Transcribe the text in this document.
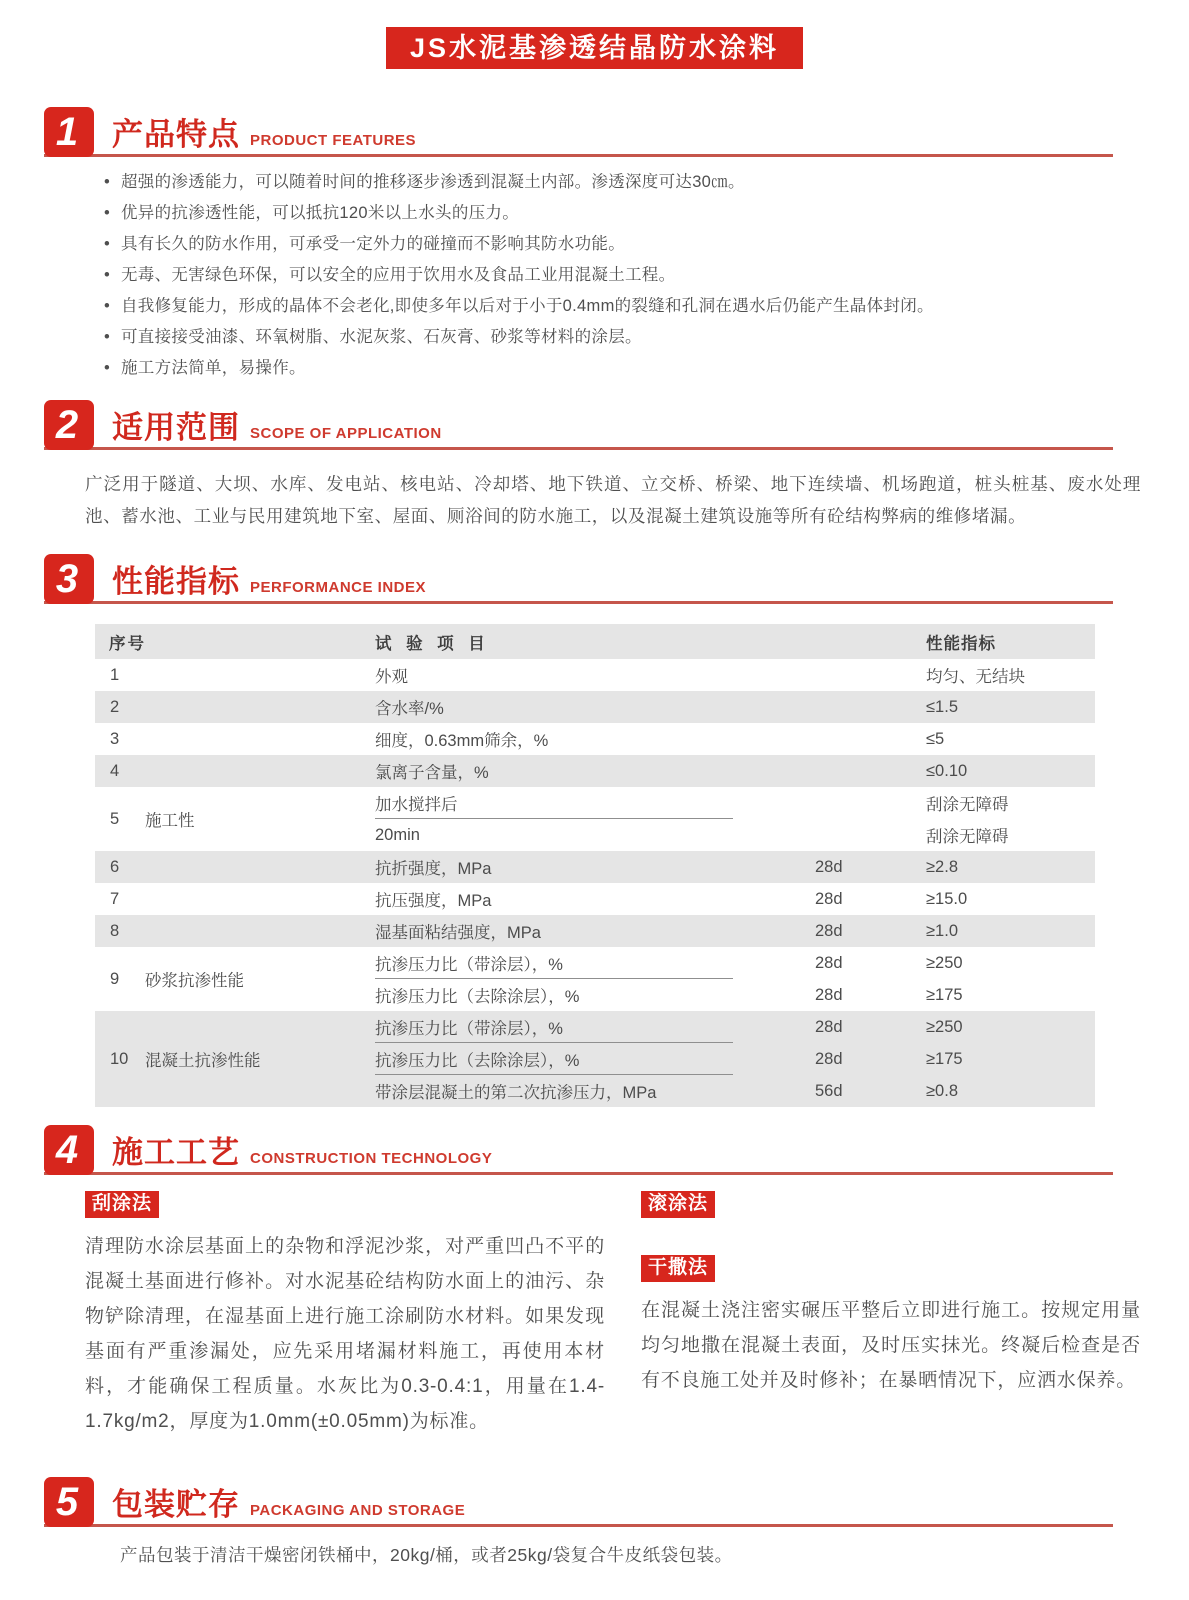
JS水泥基渗透结晶防水涂料
1	产品特点 PRODUCT FEATURES
• 超强的渗透能力，可以随着时间的推移逐步渗透到混凝土内部。渗透深度可达30㎝。
• 优异的抗渗透性能，可以抵抗120米以上水头的压力。
• 具有长久的防水作用，可承受一定外力的碰撞而不影响其防水功能。
• 无毒、无害绿色环保，可以安全的应用于饮用水及食品工业用混凝土工程。
• 自我修复能力，形成的晶体不会老化,即使多年以后对于小于0.4mm的裂缝和孔洞在遇水后仍能产生晶体封闭。
• 可直接接受油漆、环氧树脂、水泥灰浆、石灰膏、砂浆等材料的涂层。
• 施工方法简单，易操作。
2	适用范围 SCOPE OF APPLICATION

广泛用于隧道、大坝、水库、发电站、核电站、冷却塔、地下铁道、立交桥、桥梁、地下连续墙、机场跑道，桩头桩基、废水处理池、蓄水池、工业与民用建筑地下室、屋面、厕浴间的防水施工，以及混凝土建筑设施等所有砼结构弊病的维修堵漏。

3	性能指标 PERFORMANCE INDEX
序号	试 验 项 目	性能指标
1	外观	均匀、无结块
2	含水率/%	≤1.5
3	细度，0.63mm筛余，%	≤5
4	氯离子含量，%	≤0.10
5	施工性
加水搅拌后	刮涂无障碍
20min	刮涂无障碍
6	抗折强度，MPa	28d	≥2.8
7	抗压强度，MPa	28d	≥15.0
8	湿基面粘结强度，MPa	28d	≥1.0
9	砂浆抗渗性能
抗渗压力比（带涂层），%	28d	≥250
抗渗压力比（去除涂层），%	28d	≥175
10	混凝土抗渗性能
抗渗压力比（带涂层），%	28d	≥250
抗渗压力比（去除涂层），%	28d	≥175
带涂层混凝土的第二次抗渗压力，MPa	56d	≥0.8
4	施工工艺 CONSTRUCTION TECHNOLOGY
刮涂法

清理防水涂层基面上的杂物和浮泥沙浆，对严重凹凸不平的混凝土基面进行修补。对水泥基砼结构防水面上的油污、杂物铲除清理，在湿基面上进行施工涂刷防水材料。如果发现基面有严重渗漏处，应先采用堵漏材料施工，再使用本材料，才能确保工程质量。水灰比为0.3-0.4:1，用量在1.4-1.7kg/m2，厚度为1.0mm(±0.05mm)为标准。

滚涂法
干撒法

在混凝土浇注密实碾压平整后立即进行施工。按规定用量均匀地撒在混凝土表面，及时压实抹光。终凝后检查是否有不良施工处并及时修补；在暴晒情况下，应洒水保养。

5	包装贮存 PACKAGING AND STORAGE

产品包装于清洁干燥密闭铁桶中，20kg/桶，或者25kg/袋复合牛皮纸袋包装。
